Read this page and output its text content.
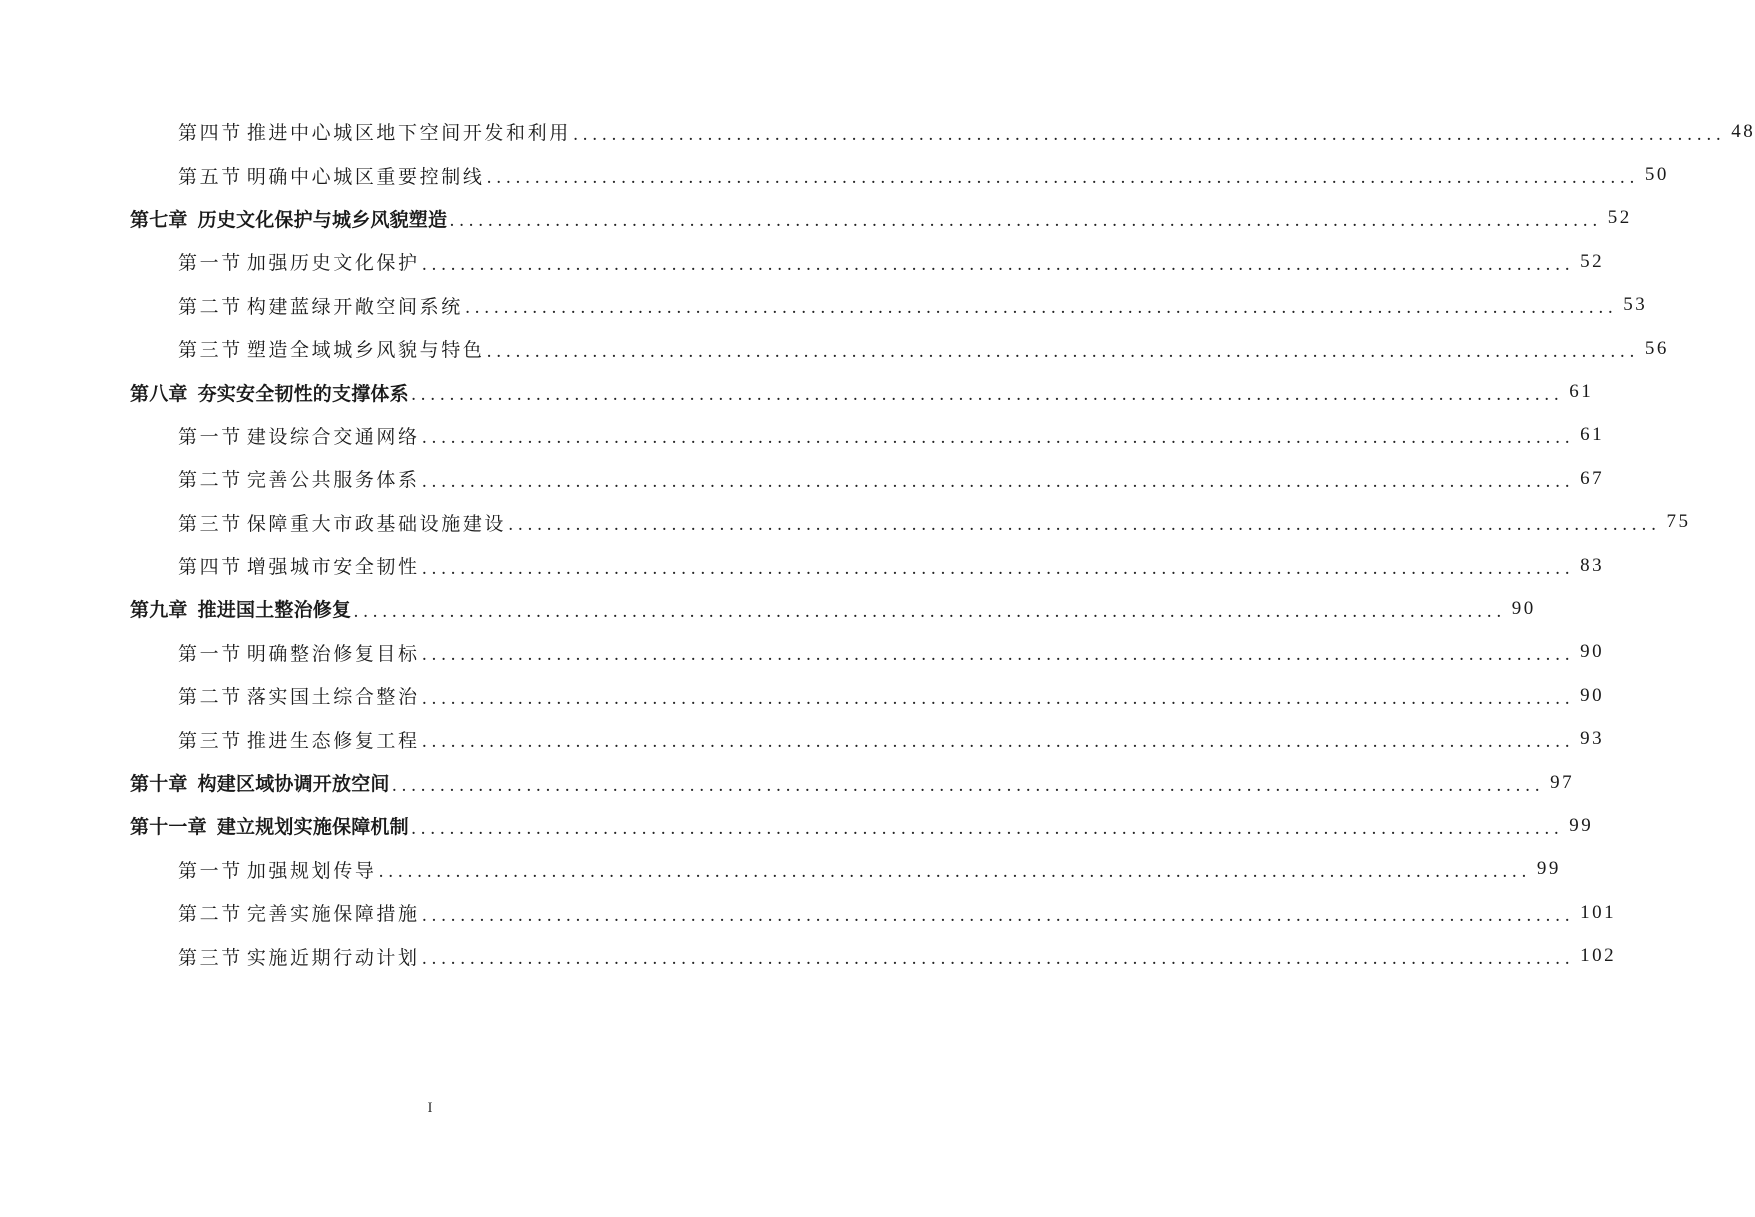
第四节 推进中心城区地下空间开发和利用 ........................................................................................................................ 48
第五节 明确中心城区重要控制线 ........................................................................................................................ 50
第七章 历史文化保护与城乡风貌塑造 ........................................................................................................................ 52
第一节 加强历史文化保护 ........................................................................................................................ 52
第二节 构建蓝绿开敞空间系统 ........................................................................................................................ 53
第三节 塑造全域城乡风貌与特色 ........................................................................................................................ 56
第八章 夯实安全韧性的支撑体系 ........................................................................................................................ 61
第一节 建设综合交通网络 ........................................................................................................................ 61
第二节 完善公共服务体系 ........................................................................................................................ 67
第三节 保障重大市政基础设施建设 ........................................................................................................................ 75
第四节 增强城市安全韧性 ........................................................................................................................ 83
第九章 推进国土整治修复 ........................................................................................................................ 90
第一节 明确整治修复目标 ........................................................................................................................ 90
第二节 落实国土综合整治 ........................................................................................................................ 90
第三节 推进生态修复工程 ........................................................................................................................ 93
第十章 构建区域协调开放空间 ........................................................................................................................ 97
第十一章 建立规划实施保障机制 ........................................................................................................................ 99
第一节 加强规划传导 ........................................................................................................................ 99
第二节 完善实施保障措施 ........................................................................................................................ 101
第三节 实施近期行动计划 ........................................................................................................................ 102
I
